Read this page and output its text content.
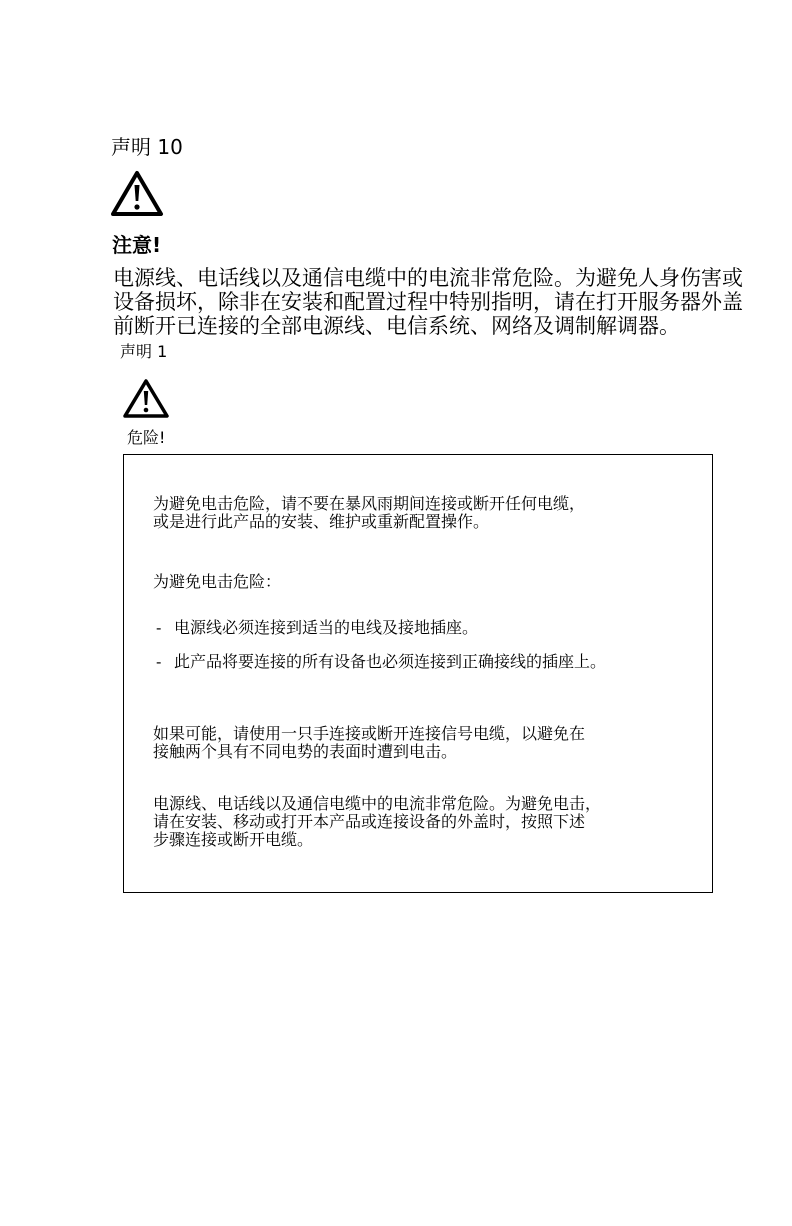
声明 10
注意!
电源线、电话线以及通信电缆中的电流非常危险。为避免人身伤害或
设备损坏，除非在安装和配置过程中特别指明，请在打开服务器外盖
前断开已连接的全部电源线、电信系统、网络及调制解调器。
声明 1
危险!
为避免电击危险，请不要在暴风雨期间连接或断开任何电缆，
或是进行此产品的安装、维护或重新配置操作。
为避免电击危险：
- 电源线必须连接到适当的电线及接地插座。
- 此产品将要连接的所有设备也必须连接到正确接线的插座上。
如果可能，请使用一只手连接或断开连接信号电缆，以避免在
接触两个具有不同电势的表面时遭到电击。
电源线、电话线以及通信电缆中的电流非常危险。为避免电击，
请在安装、移动或打开本产品或连接设备的外盖时，按照下述
步骤连接或断开电缆。
